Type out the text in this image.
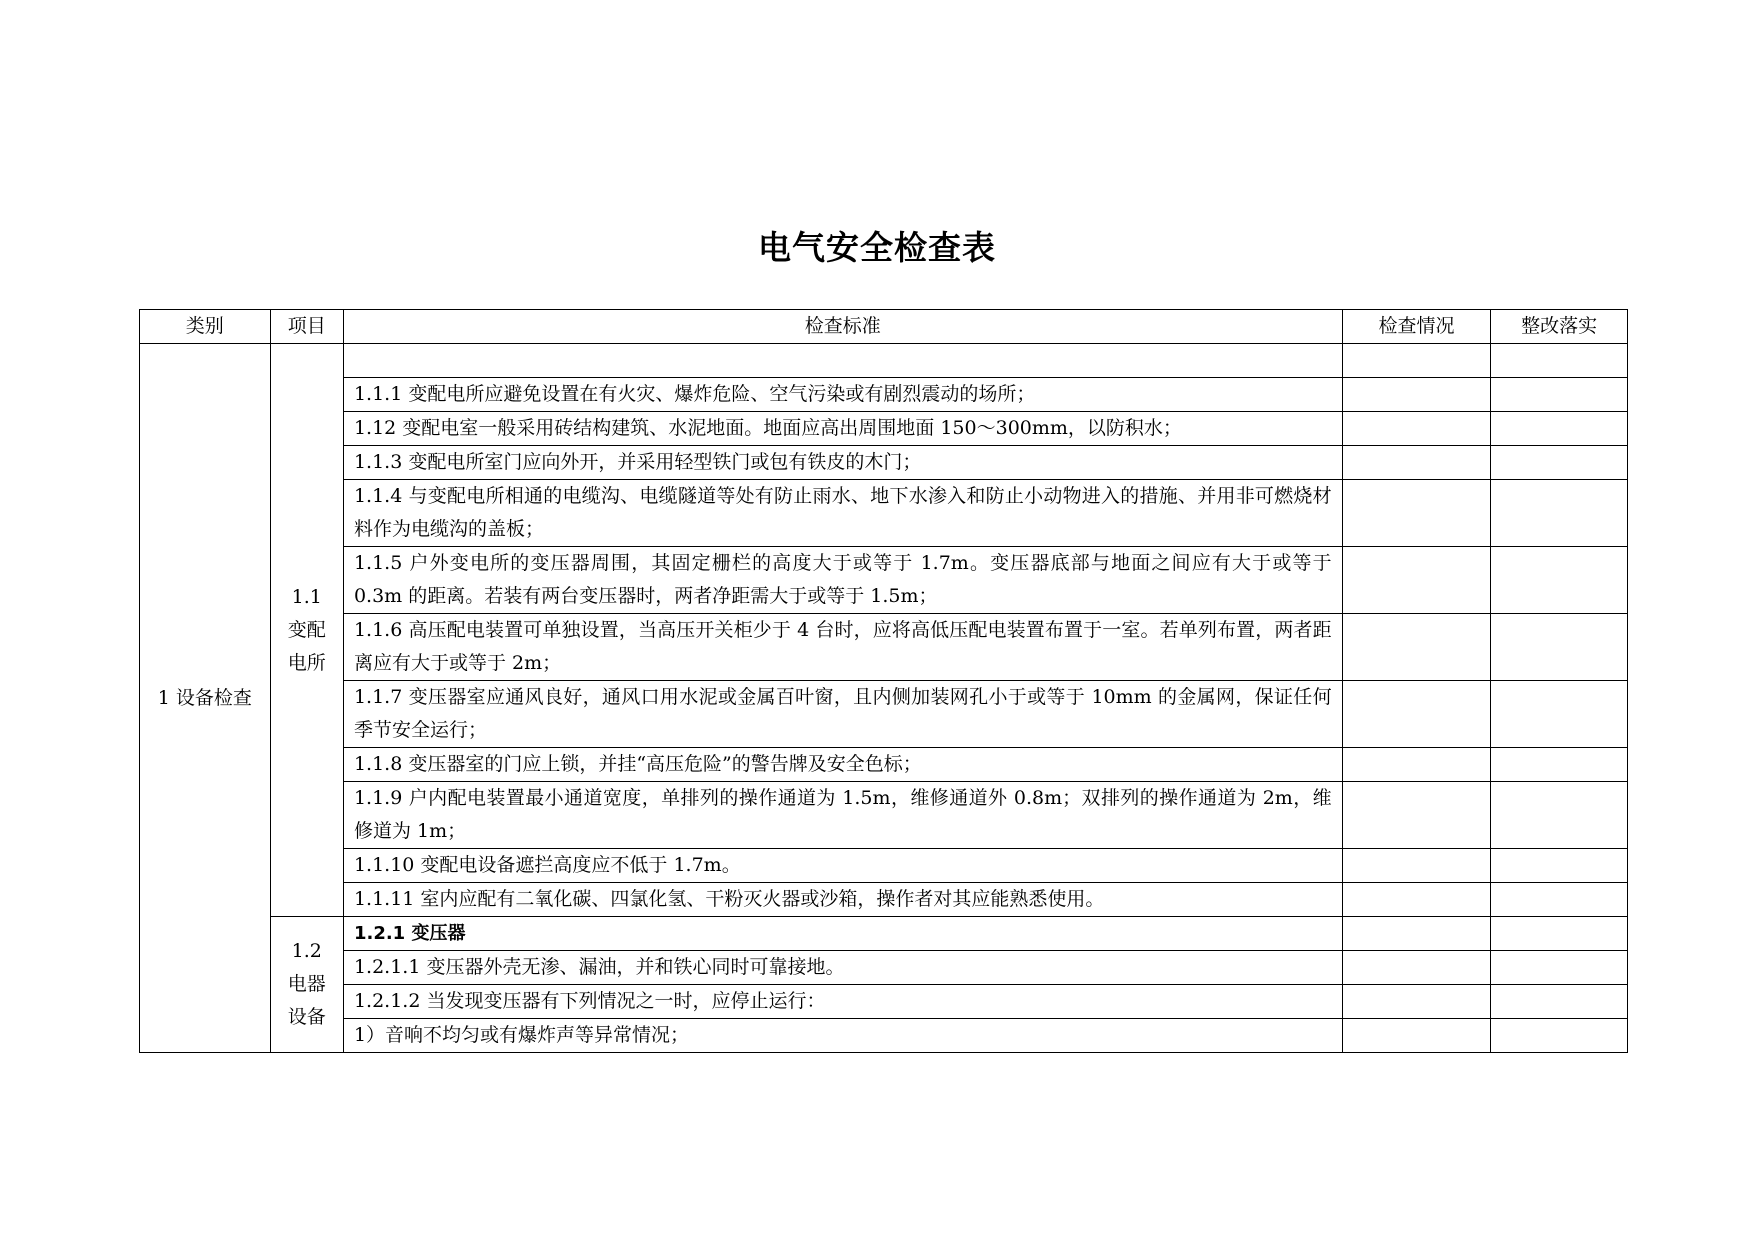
电气安全检查表
类别	项目	检查标准	检查情况	整改落实
1 设备检查	1.1 变配电所			
		1.1.1 变配电所应避免设置在有火灾、爆炸危险、空气污染或有剧烈震动的场所；		
		1.12 变配电室一般采用砖结构建筑、水泥地面。地面应高出周围地面 150～300mm，以防积水；		
		1.1.3 变配电所室门应向外开，并采用轻型铁门或包有铁皮的木门；		
		1.1.4 与变配电所相通的电缆沟、电缆隧道等处有防止雨水、地下水渗入和防止小动物进入的措施、并用非可燃烧材料作为电缆沟的盖板；		
		1.1.5 户外变电所的变压器周围，其固定栅栏的高度大于或等于 1.7m。变压器底部与地面之间应有大于或等于 0.3m 的距离。若装有两台变压器时，两者净距需大于或等于 1.5m；		
		1.1.6 高压配电装置可单独设置，当高压开关柜少于 4 台时，应将高低压配电装置布置于一室。若单列布置，两者距离应有大于或等于 2m；		
		1.1.7 变压器室应通风良好，通风口用水泥或金属百叶窗，且内侧加装网孔小于或等于 10mm 的金属网，保证任何季节安全运行；		
		1.1.8 变压器室的门应上锁，并挂“高压危险”的警告牌及安全色标；		
		1.1.9 户内配电装置最小通道宽度，单排列的操作通道为 1.5m，维修通道外 0.8m；双排列的操作通道为 2m，维修道为 1m；		
		1.1.10 变配电设备遮拦高度应不低于 1.7m。		
		1.1.11 室内应配有二氧化碳、四氯化氢、干粉灭火器或沙箱，操作者对其应能熟悉使用。		
	1.2 电器设备	1.2.1 变压器		
		1.2.1.1 变压器外壳无渗、漏油，并和铁心同时可靠接地。		
		1.2.1.2 当发现变压器有下列情况之一时，应停止运行：		
		1）音响不均匀或有爆炸声等异常情况；		
